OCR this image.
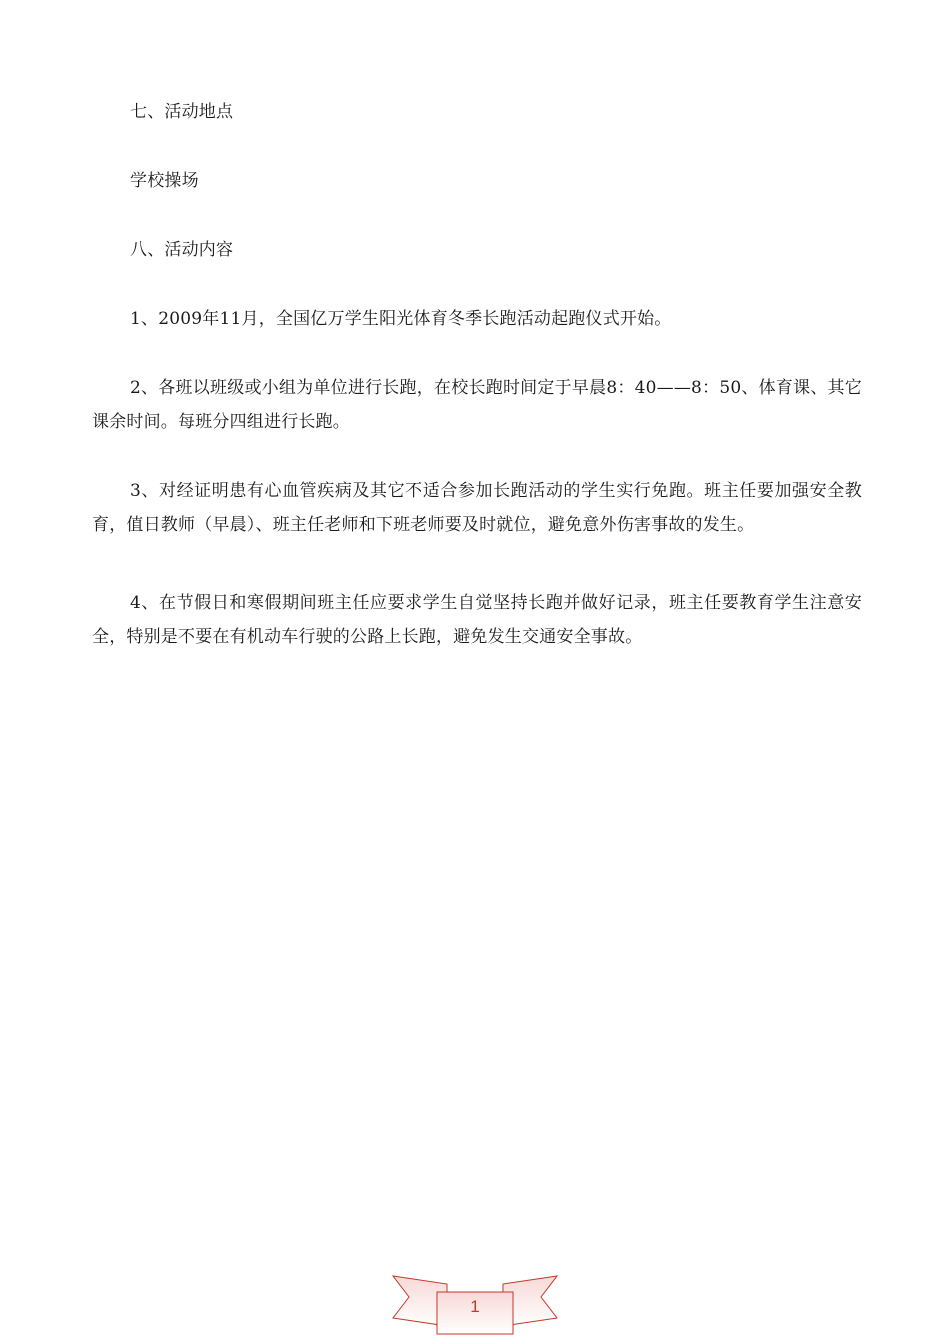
七、活动地点

学校操场

八、活动内容

1、2009年11月，全国亿万学生阳光体育冬季长跑活动起跑仪式开始。

2、各班以班级或小组为单位进行长跑，在校长跑时间定于早晨8：40——8：50、体育课、其它课余时间。每班分四组进行长跑。

3、对经证明患有心血管疾病及其它不适合参加长跑活动的学生实行免跑。班主任要加强安全教育，值日教师（早晨）、班主任老师和下班老师要及时就位，避免意外伤害事故的发生。

4、在节假日和寒假期间班主任应要求学生自觉坚持长跑并做好记录，班主任要教育学生注意安全，特别是不要在有机动车行驶的公路上长跑，避免发生交通安全事故。

1
